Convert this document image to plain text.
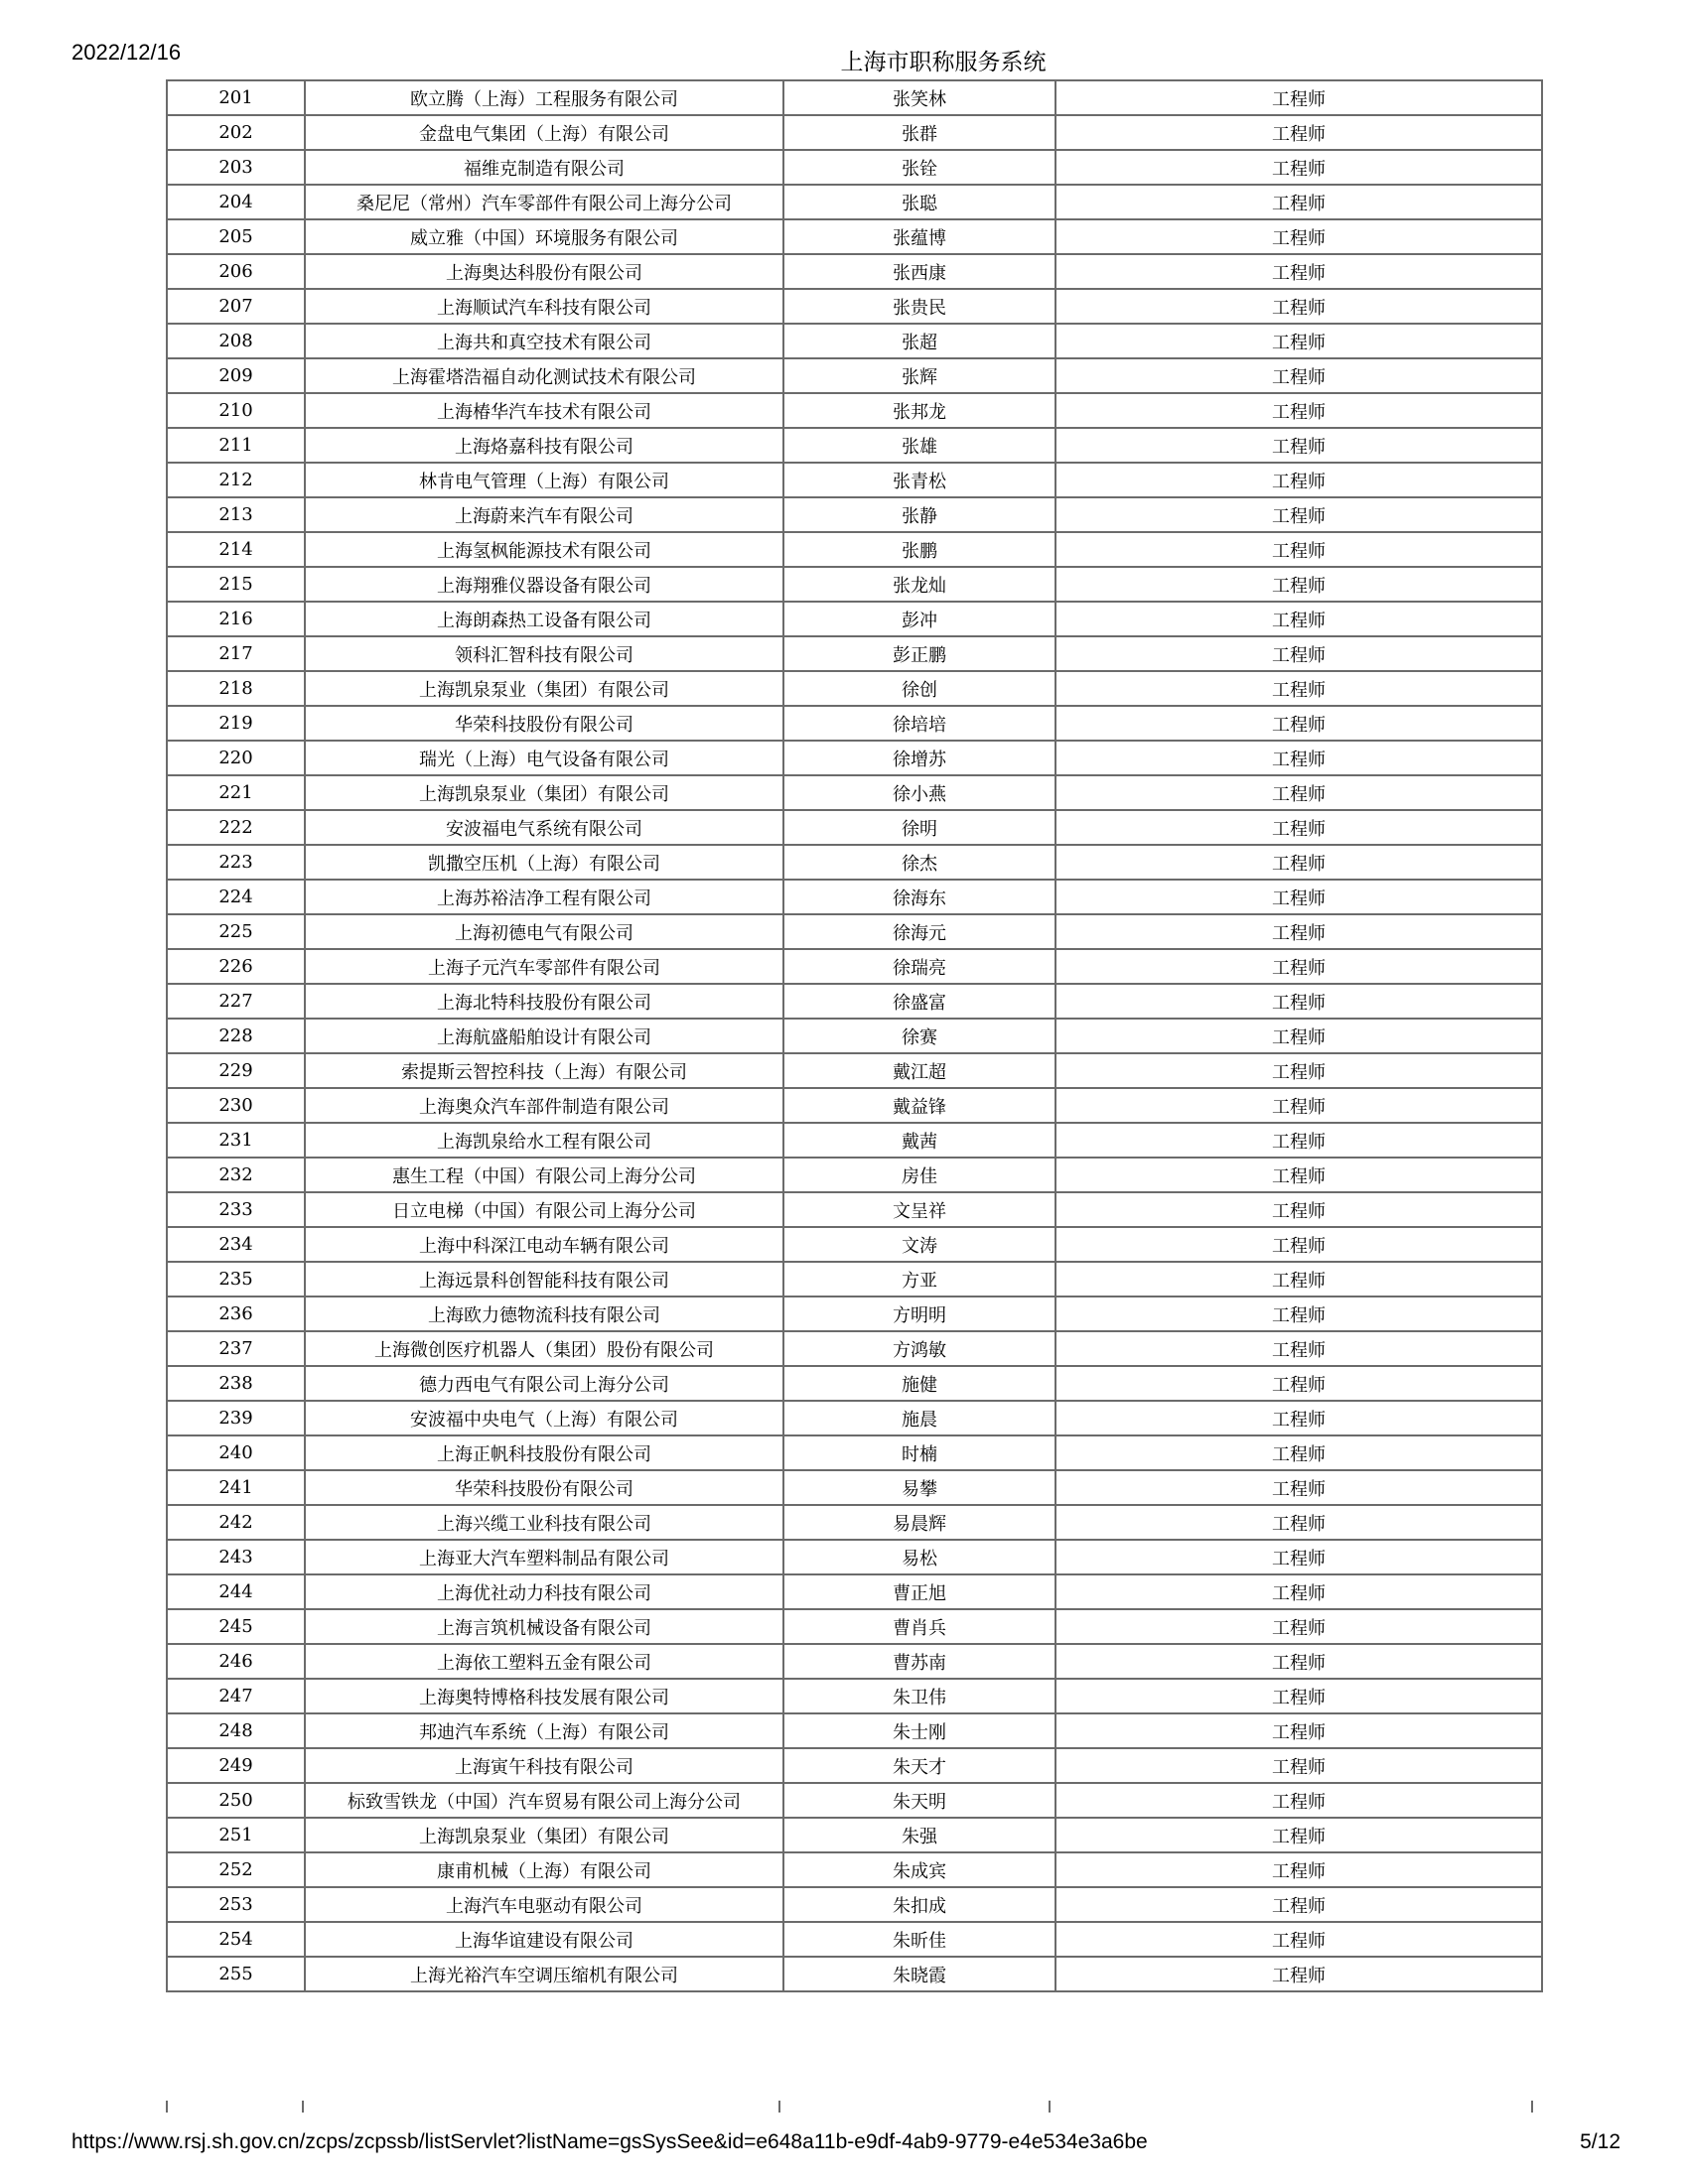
2022/12/16	上海市职称服务系统
201	欧立腾（上海）工程服务有限公司	张笑林	工程师
202	金盘电气集团（上海）有限公司	张群	工程师
203	福维克制造有限公司	张铨	工程师
204	桑尼尼（常州）汽车零部件有限公司上海分公司	张聪	工程师
205	威立雅（中国）环境服务有限公司	张蕴博	工程师
206	上海奥达科股份有限公司	张西康	工程师
207	上海顺试汽车科技有限公司	张贵民	工程师
208	上海共和真空技术有限公司	张超	工程师
209	上海霍塔浩福自动化测试技术有限公司	张辉	工程师
210	上海椿华汽车技术有限公司	张邦龙	工程师
211	上海烙嘉科技有限公司	张雄	工程师
212	林肯电气管理（上海）有限公司	张青松	工程师
213	上海蔚来汽车有限公司	张静	工程师
214	上海氢枫能源技术有限公司	张鹏	工程师
215	上海翔雅仪器设备有限公司	张龙灿	工程师
216	上海朗森热工设备有限公司	彭冲	工程师
217	领科汇智科技有限公司	彭正鹏	工程师
218	上海凯泉泵业（集团）有限公司	徐创	工程师
219	华荣科技股份有限公司	徐培培	工程师
220	瑞光（上海）电气设备有限公司	徐增苏	工程师
221	上海凯泉泵业（集团）有限公司	徐小燕	工程师
222	安波福电气系统有限公司	徐明	工程师
223	凯撒空压机（上海）有限公司	徐杰	工程师
224	上海苏裕洁净工程有限公司	徐海东	工程师
225	上海初德电气有限公司	徐海元	工程师
226	上海子元汽车零部件有限公司	徐瑞亮	工程师
227	上海北特科技股份有限公司	徐盛富	工程师
228	上海航盛船舶设计有限公司	徐赛	工程师
229	索提斯云智控科技（上海）有限公司	戴江超	工程师
230	上海奥众汽车部件制造有限公司	戴益锋	工程师
231	上海凯泉给水工程有限公司	戴茜	工程师
232	惠生工程（中国）有限公司上海分公司	房佳	工程师
233	日立电梯（中国）有限公司上海分公司	文呈祥	工程师
234	上海中科深江电动车辆有限公司	文涛	工程师
235	上海远景科创智能科技有限公司	方亚	工程师
236	上海欧力德物流科技有限公司	方明明	工程师
237	上海微创医疗机器人（集团）股份有限公司	方鸿敏	工程师
238	德力西电气有限公司上海分公司	施健	工程师
239	安波福中央电气（上海）有限公司	施晨	工程师
240	上海正帆科技股份有限公司	时楠	工程师
241	华荣科技股份有限公司	易攀	工程师
242	上海兴缆工业科技有限公司	易晨辉	工程师
243	上海亚大汽车塑料制品有限公司	易松	工程师
244	上海优社动力科技有限公司	曹正旭	工程师
245	上海言筑机械设备有限公司	曹肖兵	工程师
246	上海依工塑料五金有限公司	曹苏南	工程师
247	上海奥特博格科技发展有限公司	朱卫伟	工程师
248	邦迪汽车系统（上海）有限公司	朱士刚	工程师
249	上海寅午科技有限公司	朱天才	工程师
250	标致雪铁龙（中国）汽车贸易有限公司上海分公司	朱天明	工程师
251	上海凯泉泵业（集团）有限公司	朱强	工程师
252	康甫机械（上海）有限公司	朱成宾	工程师
253	上海汽车电驱动有限公司	朱扣成	工程师
254	上海华谊建设有限公司	朱昕佳	工程师
255	上海光裕汽车空调压缩机有限公司	朱晓霞	工程师
https://www.rsj.sh.gov.cn/zcps/zcpssb/listServlet?listName=gsSysSee&id=e648a11b-e9df-4ab9-9779-e4e534e3a6be	5/12
